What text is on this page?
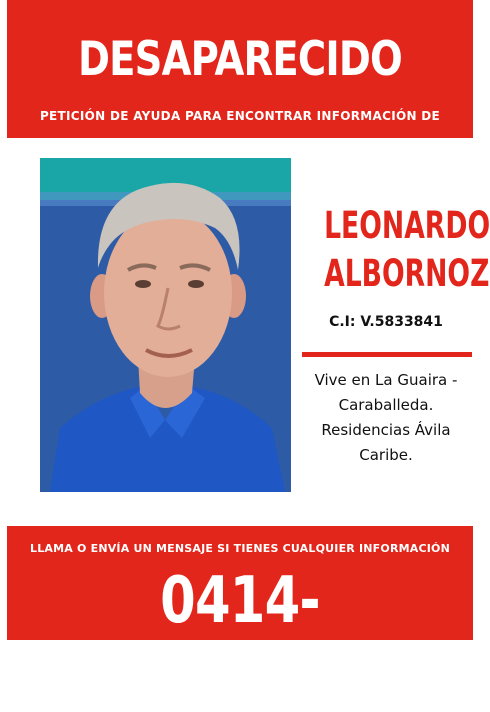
DESAPARECIDO
PETICIÓN DE AYUDA PARA ENCONTRAR INFORMACIÓN DE
LEONARDO
ALBORNOZ
C.I: V.5833841
Vive en La Guaira -
Caraballeda.
Residencias Ávila
Caribe.
LLAMA O ENVÍA UN MENSAJE SI TIENES CUALQUIER INFORMACIÓN
0414-6220333
